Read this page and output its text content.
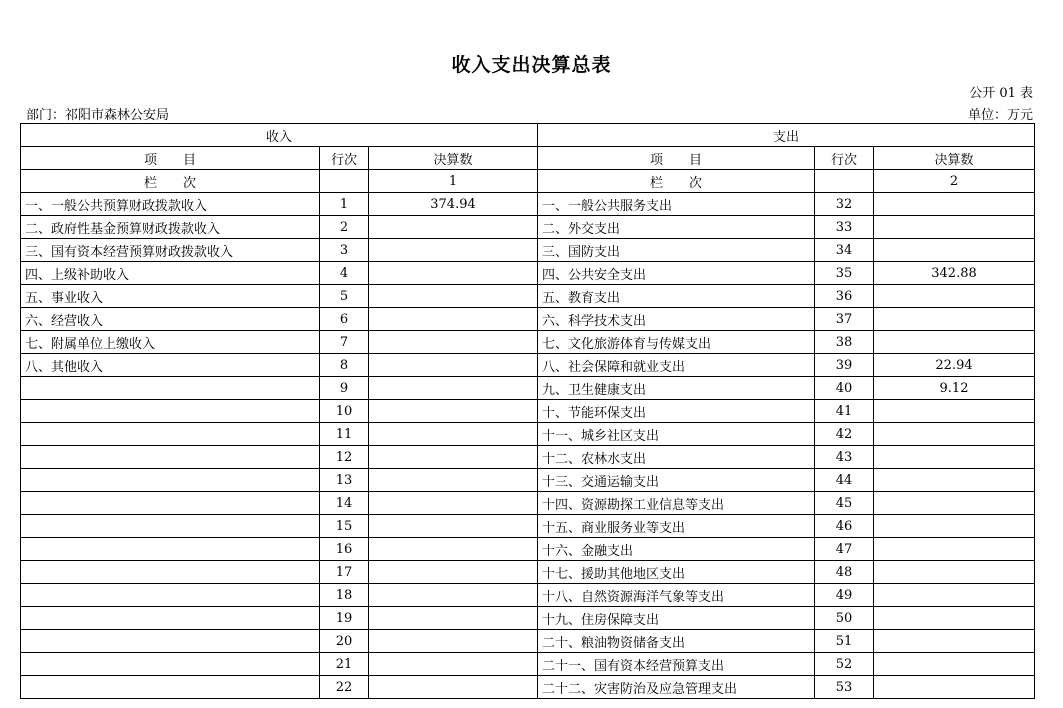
收入支出决算总表
公开 01 表
部门：祁阳市森林公安局	单位：万元
收入			支出		
项　　目	行次	决算数	项　　目	行次	决算数
栏　　次		1	栏　　次		2
一、一般公共预算财政拨款收入	1	374.94	一、一般公共服务支出	32	
二、政府性基金预算财政拨款收入	2		二、外交支出	33	
三、国有资本经营预算财政拨款收入	3		三、国防支出	34	
四、上级补助收入	4		四、公共安全支出	35	342.88
五、事业收入	5		五、教育支出	36	
六、经营收入	6		六、科学技术支出	37	
七、附属单位上缴收入	7		七、文化旅游体育与传媒支出	38	
八、其他收入	8		八、社会保障和就业支出	39	22.94
	9		九、卫生健康支出	40	9.12
	10		十、节能环保支出	41	
	11		十一、城乡社区支出	42	
	12		十二、农林水支出	43	
	13		十三、交通运输支出	44	
	14		十四、资源勘探工业信息等支出	45	
	15		十五、商业服务业等支出	46	
	16		十六、金融支出	47	
	17		十七、援助其他地区支出	48	
	18		十八、自然资源海洋气象等支出	49	
	19		十九、住房保障支出	50	
	20		二十、粮油物资储备支出	51	
	21		二十一、国有资本经营预算支出	52	
	22		二十二、灾害防治及应急管理支出	53	
